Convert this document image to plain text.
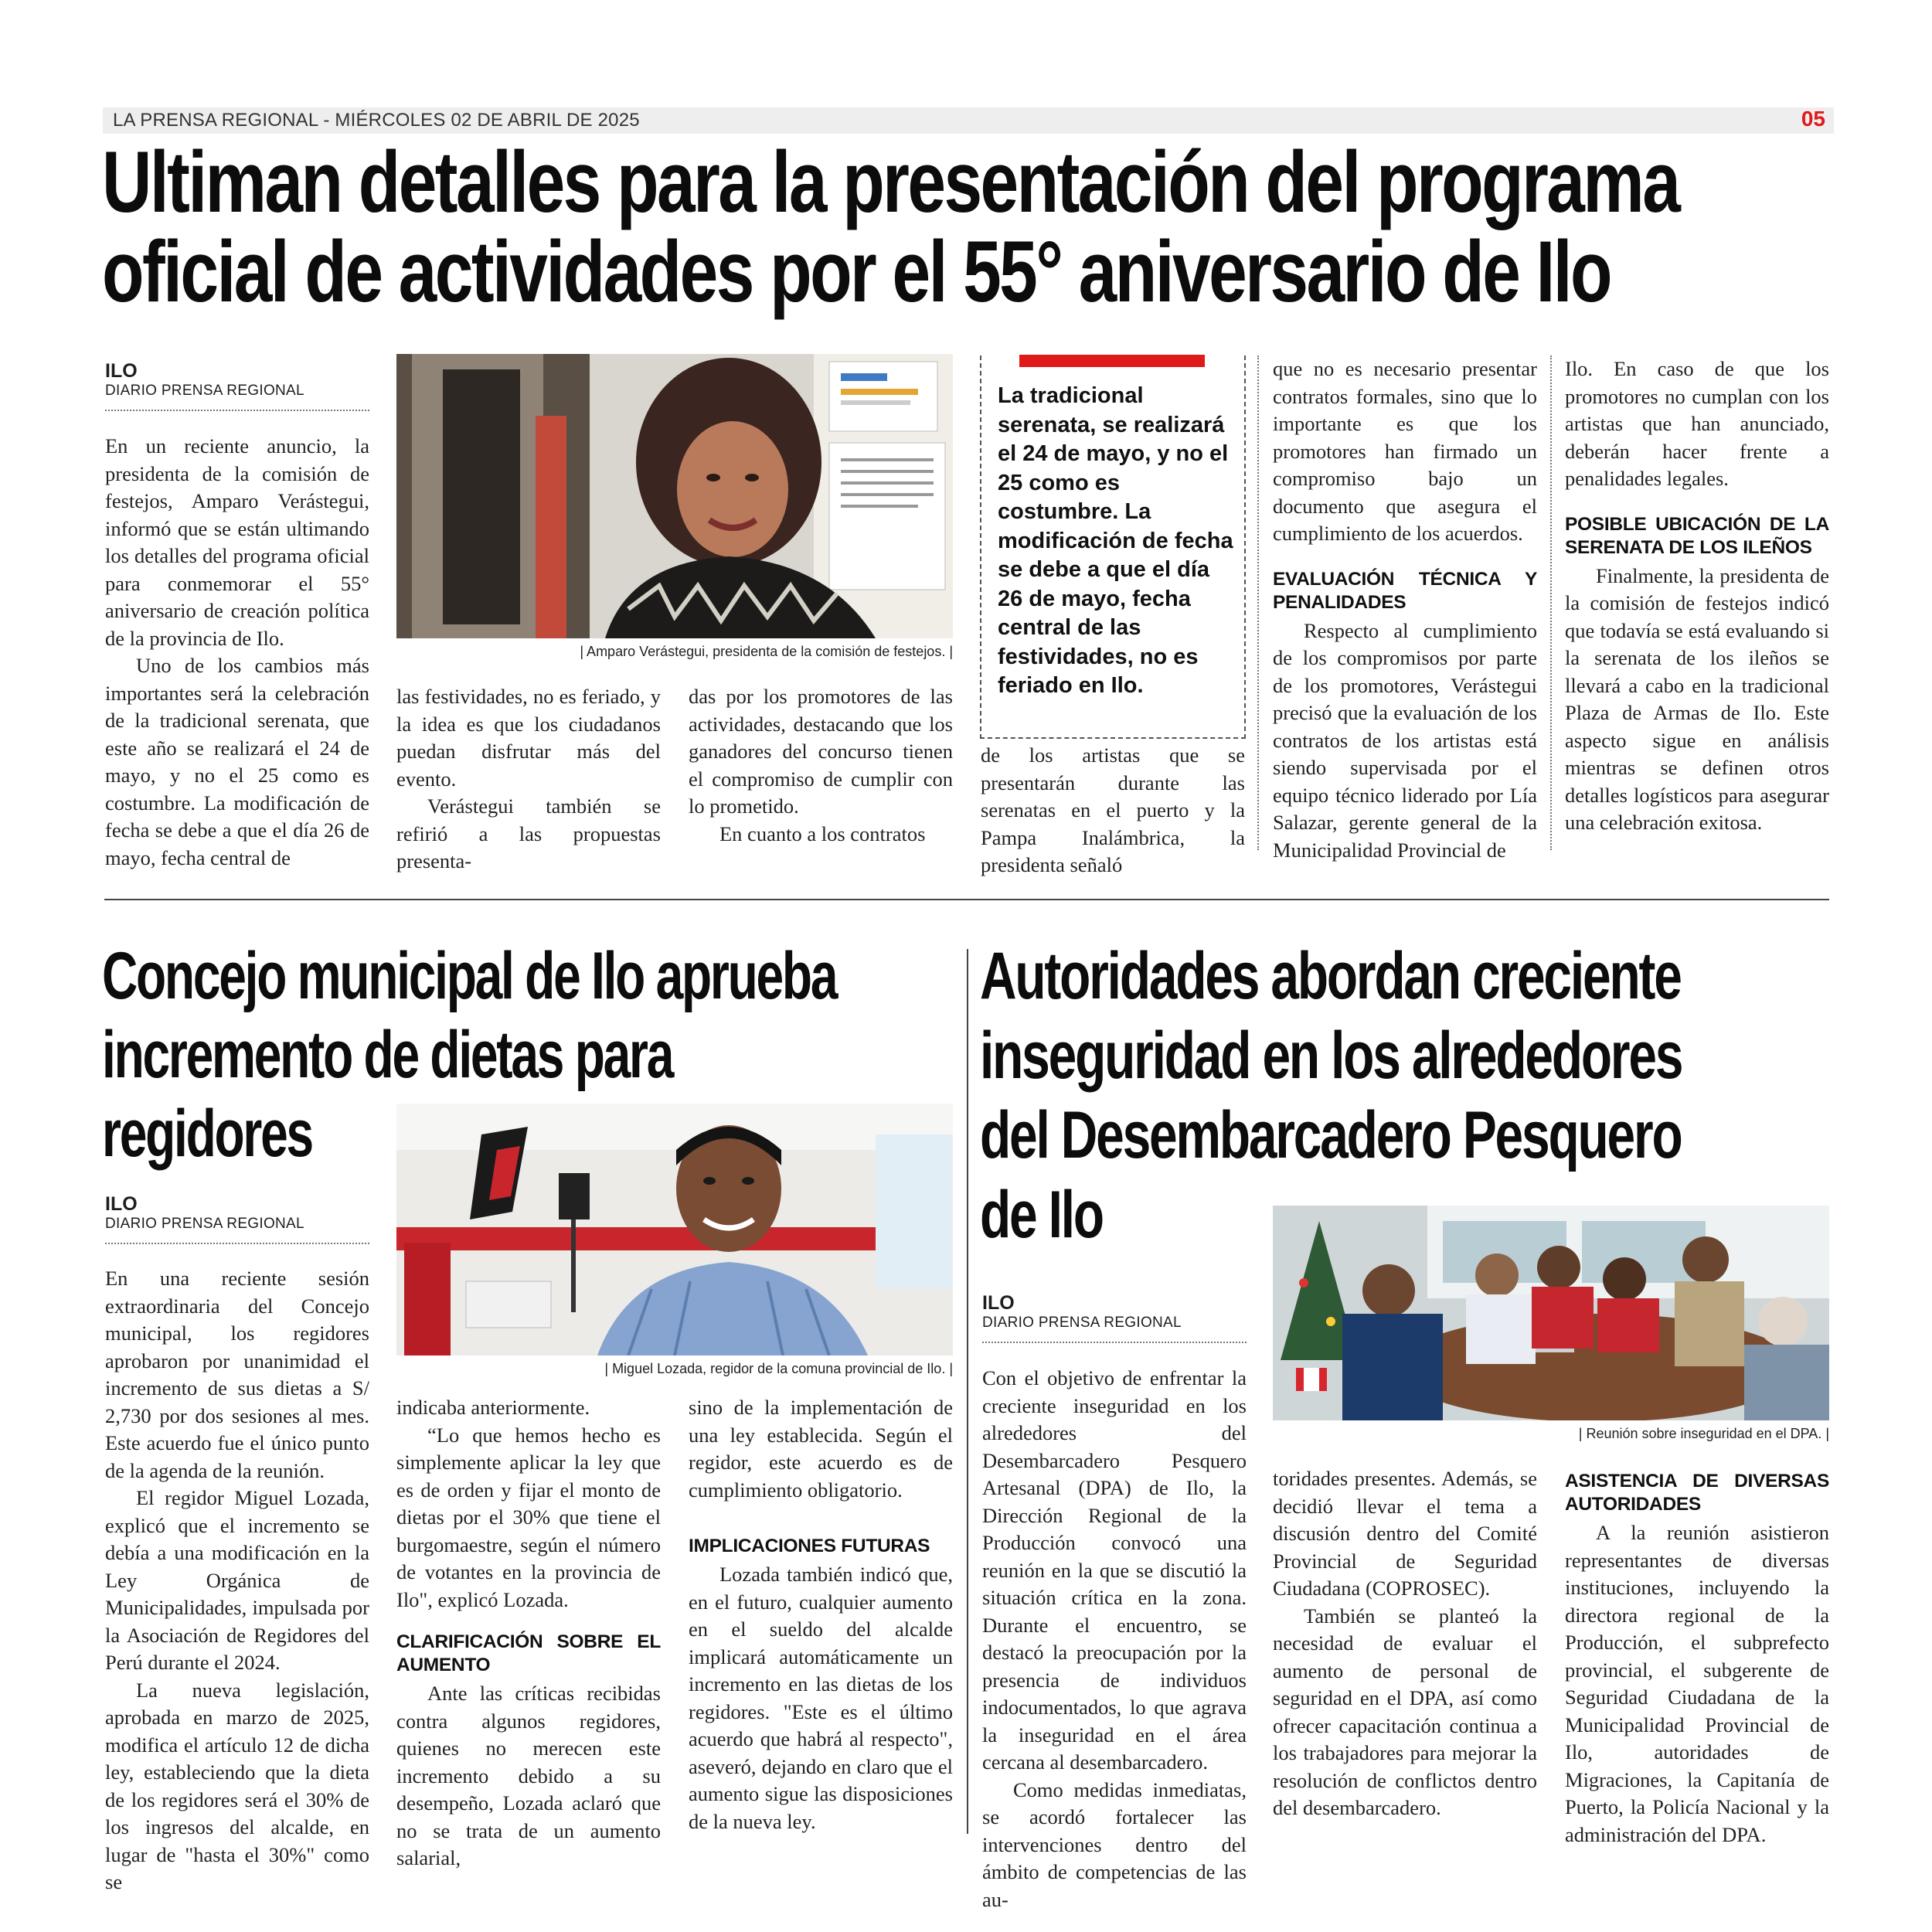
LA PRENSA REGIONAL - MIÉRCOLES 02 DE ABRIL DE 2025	05
Ultiman detalles para la presentación del programa
oficial de actividades por el 55° aniversario de Ilo
ILO
DIARIO PRENSA REGIONAL

En un reciente anuncio, la presidenta de la comisión de festejos, Amparo Verástegui, informó que se están ultimando los detalles del programa oficial para conmemorar el 55° aniversario de creación política de la provincia de Ilo.

Uno de los cambios más importantes será la celebración de la tradicional serenata, que este año se realizará el 24 de mayo, y no el 25 como es costumbre. La modificación de fecha se debe a que el día 26 de mayo, fecha central de

| Amparo Verástegui, presidenta de la comisión de festejos. |

las festividades, no es feriado, y la idea es que los ciudadanos puedan disfrutar más del evento.

Verástegui también se refirió a las propuestas presenta-

das por los promotores de las actividades, destacando que los ganadores del concurso tienen el compromiso de cumplir con lo prometido.

En cuanto a los contratos

La tradicional serenata, se realizará el 24 de mayo, y no el 25 como es costumbre. La modificación de fecha se debe a que el día 26 de mayo, fecha central de las festividades, no es feriado en Ilo.

de los artistas que se presentarán durante las serenatas en el puerto y la Pampa Inalámbrica, la presidenta señaló

que no es necesario presentar contratos formales, sino que lo importante es que los promotores han firmado un compromiso bajo un documento que asegura el cumplimiento de los acuerdos.

EVALUACIÓN TÉCNICA Y PENALIDADES

Respecto al cumplimiento de los compromisos por parte de los promotores, Verástegui precisó que la evaluación de los contratos de los artistas está siendo supervisada por el equipo técnico liderado por Lía Salazar, gerente general de la Municipalidad Provincial de

Ilo. En caso de que los promotores no cumplan con los artistas que han anunciado, deberán hacer frente a penalidades legales.

POSIBLE UBICACIÓN DE LA SERENATA DE LOS ILEÑOS

Finalmente, la presidenta de la comisión de festejos indicó que todavía se está evaluando si la serenata de los ileños se llevará a cabo en la tradicional Plaza de Armas de Ilo. Este aspecto sigue en análisis mientras se definen otros detalles logísticos para asegurar una celebración exitosa.

Concejo municipal de Ilo aprueba
incremento de dietas para
regidores
ILO
DIARIO PRENSA REGIONAL

En una reciente sesión extraordinaria del Concejo municipal, los regidores aprobaron por unanimidad el incremento de sus dietas a S/ 2,730 por dos sesiones al mes. Este acuerdo fue el único punto de la agenda de la reunión.

El regidor Miguel Lozada, explicó que el incremento se debía a una modificación en la Ley Orgánica de Municipalidades, impulsada por la Asociación de Regidores del Perú durante el 2024.

La nueva legislación, aprobada en marzo de 2025, modifica el artículo 12 de dicha ley, estableciendo que la dieta de los regidores será el 30% de los ingresos del alcalde, en lugar de "hasta el 30%" como se

| Miguel Lozada, regidor de la comuna provincial de Ilo. |

indicaba anteriormente.

“Lo que hemos hecho es simplemente aplicar la ley que es de orden y fijar el monto de dietas por el 30% que tiene el burgomaestre, según el número de votantes en la provincia de Ilo", explicó Lozada.

CLARIFICACIÓN SOBRE EL AUMENTO

Ante las críticas recibidas contra algunos regidores, quienes no merecen este incremento debido a su desempeño, Lozada aclaró que no se trata de un aumento salarial,

sino de la implementación de una ley establecida. Según el regidor, este acuerdo es de cumplimiento obligatorio.

IMPLICACIONES FUTURAS

Lozada también indicó que, en el futuro, cualquier aumento en el sueldo del alcalde implicará automáticamente un incremento en las dietas de los regidores. "Este es el último acuerdo que habrá al respecto", aseveró, dejando en claro que el aumento sigue las disposiciones de la nueva ley.

Autoridades abordan creciente
inseguridad en los alrededores
del Desembarcadero Pesquero
de Ilo
ILO
DIARIO PRENSA REGIONAL

Con el objetivo de enfrentar la creciente inseguridad en los alrededores del Desembarcadero Pesquero Artesanal (DPA) de Ilo, la Dirección Regional de la Producción convocó una reunión en la que se discutió la situación crítica en la zona. Durante el encuentro, se destacó la preocupación por la presencia de individuos indocumentados, lo que agrava la inseguridad en el área cercana al desembarcadero.

Como medidas inmediatas, se acordó fortalecer las intervenciones dentro del ámbito de competencias de las au-

| Reunión sobre inseguridad en el DPA. |

toridades presentes. Además, se decidió llevar el tema a discusión dentro del Comité Provincial de Seguridad Ciudadana (COPROSEC).

También se planteó la necesidad de evaluar el aumento de personal de seguridad en el DPA, así como ofrecer capacitación continua a los trabajadores para mejorar la resolución de conflictos dentro del desembarcadero.

ASISTENCIA DE DIVERSAS AUTORIDADES

A la reunión asistieron representantes de diversas instituciones, incluyendo la directora regional de la Producción, el subprefecto provincial, el subgerente de Seguridad Ciudadana de la Municipalidad Provincial de Ilo, autoridades de Migraciones, la Capitanía de Puerto, la Policía Nacional y la administración del DPA.
